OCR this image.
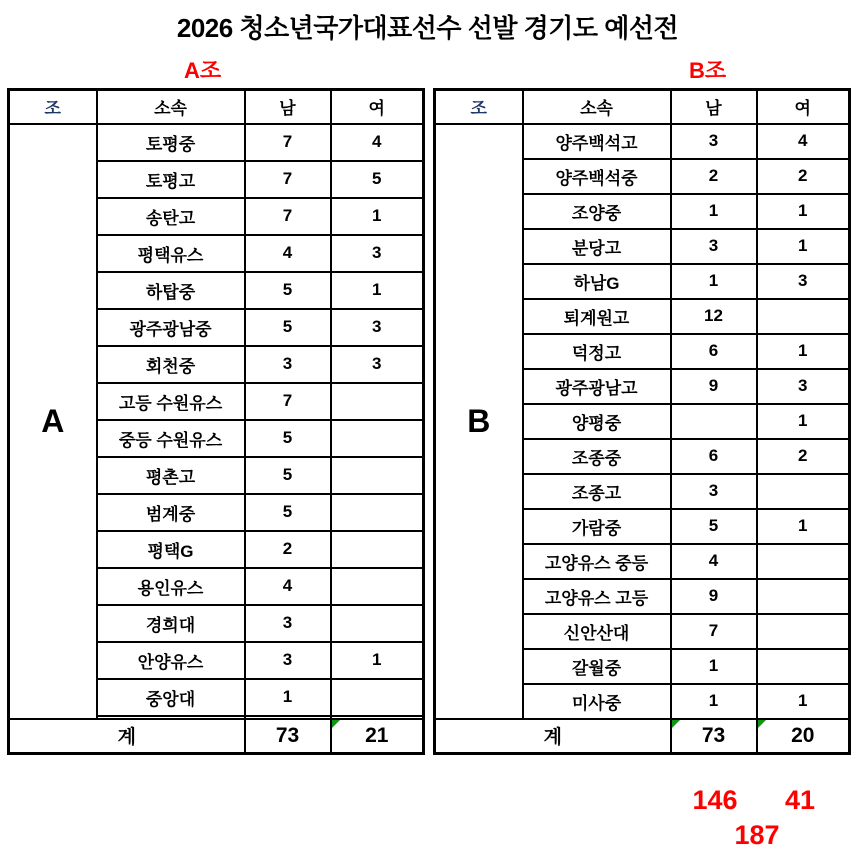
2026 청소년국가대표선수 선발 경기도 예선전
A조	B조
조	소속	남	여
A	토평중	7	4
	토평고	7	5
	송탄고	7	1
	평택유스	4	3
	하탑중	5	1
	광주광남중	5	3
	회천중	3	3
	고등 수원유스	7	
	중등 수원유스	5	
	평촌고	5	
	범계중	5	
	평택G	2	
	용인유스	4	
	경희대	3	
	안양유스	3	1
	중앙대	1	

계		73	21
조	소속	남	여
B	양주백석고	3	4
	양주백석중	2	2
	조양중	1	1
	분당고	3	1
	하남G	1	3
	퇴계원고	12	
	덕정고	6	1
	광주광남고	9	3
	양평중		1
	조종중	6	2
	조종고	3	
	가람중	5	1
	고양유스 중등	4	
	고양유스 고등	9	
	신안산대	7	
	갈월중	1	
	미사중	1	1
계		73	20
146	41
187
